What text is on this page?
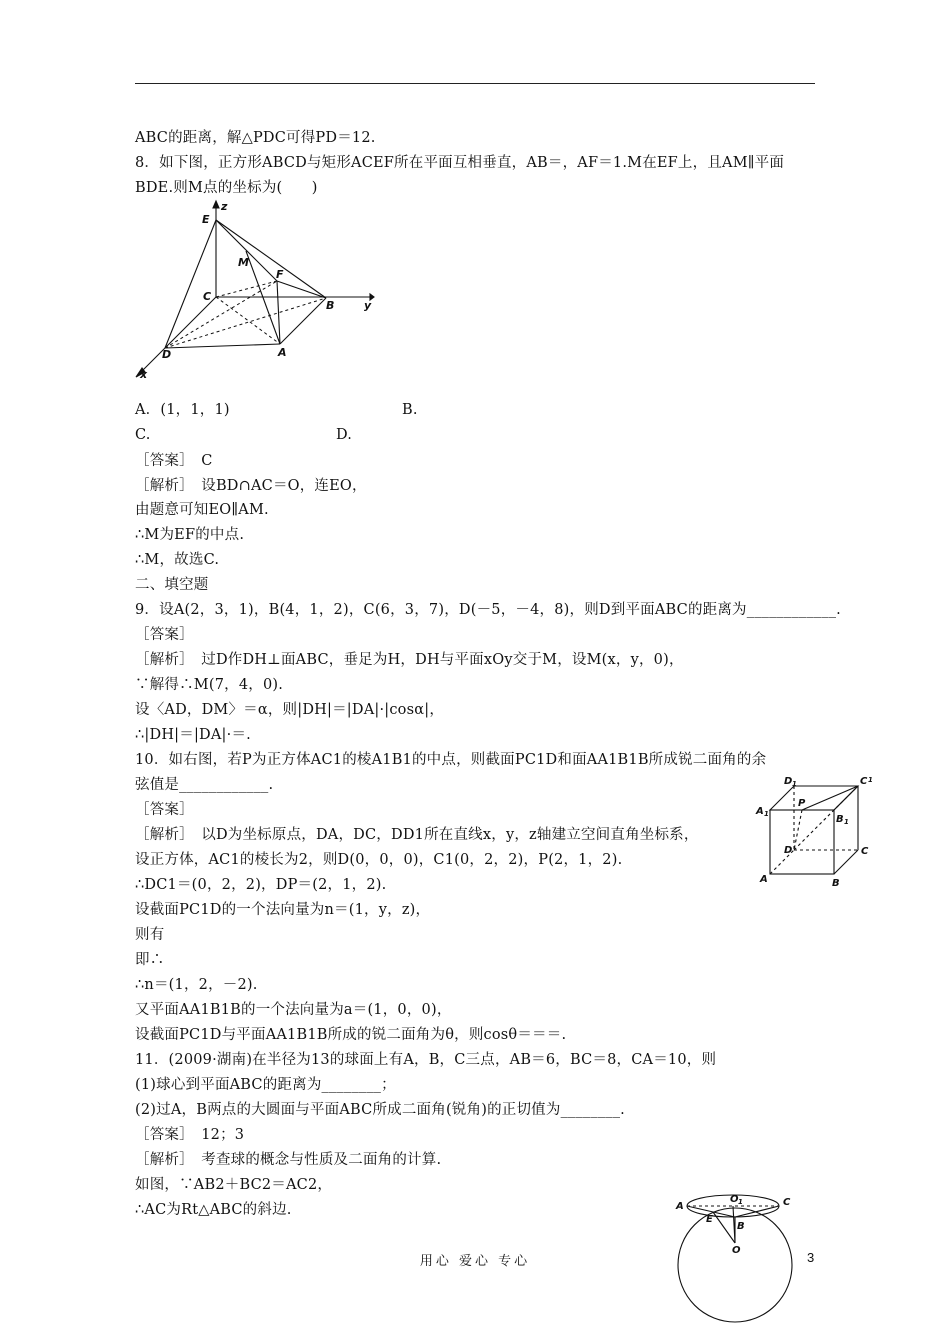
ABC的距离，解△PDC可得PD＝12.
8．如下图，正方形ABCD与矩形ACEF所在平面互相垂直，AB＝，AF＝1.M在EF上，且AM∥平面
BDE.则M点的坐标为(　　)
z
E
M
F
C
B	y
D	A
x
A．(1，1，1)	B.
C.	D.
［答案］　C
［解析］　设BD∩AC＝O，连EO，
由题意可知EO∥AM.
∴M为EF的中点.
∴M，故选C.
二、填空题
9．设A(2，3，1)，B(4，1，2)，C(6，3，7)，D(－5，－4，8)，则D到平面ABC的距离为____________.
［答案］
［解析］　过D作DH⊥面ABC，垂足为H，DH与平面xOy交于M，设M(x，y，0)，
∵解得∴M(7，4，0).
设〈AD，DM〉＝α，则|DH|＝|DA|·|cosα|，
∴|DH|＝|DA|·＝.
10．如右图，若P为正方体AC1的棱A1B1的中点，则截面PC1D和面AA1B1B所成锐二面角的余
弦值是____________.
［答案］
［解析］　以D为坐标原点，DA，DC，DD1所在直线x，y，z轴建立空间直角坐标系，
设正方体，AC1的棱长为2，则D(0，0，0)，C1(0，2，2)，P(2，1，2).
∴DC1＝(0，2，2)，DP＝(2，1，2).
设截面PC1D的一个法向量为n＝(1，y，z)，
则有
即∴
∴n＝(1，2，－2).
又平面AA1B1B的一个法向量为a＝(1，0，0)，
设截面PC1D与平面AA1B1B所成的锐二面角为θ，则cosθ＝＝＝.
11．(2009·湖南)在半径为13的球面上有A，B，C三点，AB＝6，BC＝8，CA＝10，则
(1)球心到平面ABC的距离为________；
(2)过A，B两点的大圆面与平面ABC所成二面角(锐角)的正切值为________.
［答案］　12；3
［解析］　考查球的概念与性质及二面角的计算.
如图，∵AB2＋BC2＝AC2，
∴AC为Rt△ABC的斜边.
D 1	C 1
A 1
P
B 1
D	C
A	B
A
O 1	C
E
B
O
用心 爱心 专心	3
